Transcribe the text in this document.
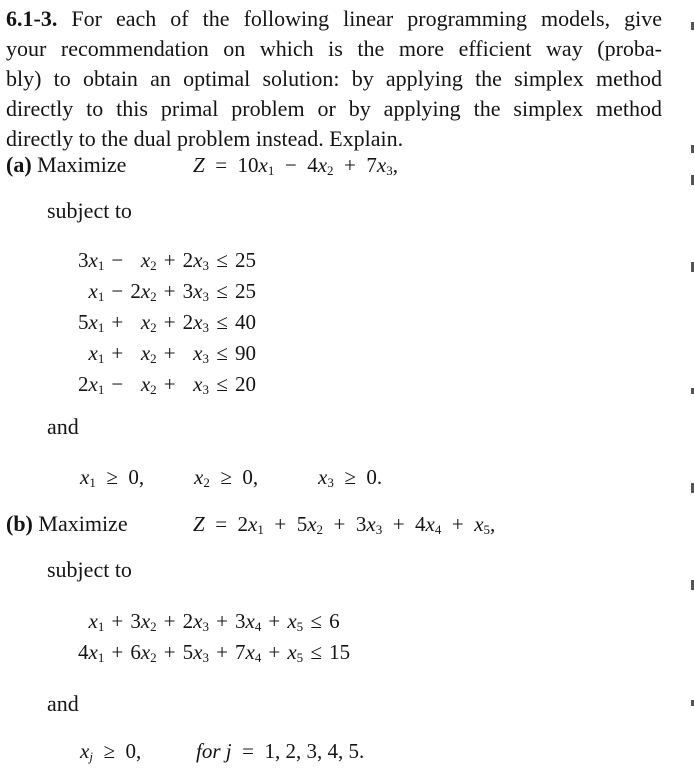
6.1-3. For each of the following linear programming models, give
your recommendation on which is the more efficient way (proba-
bly) to obtain an optimal solution: by applying the simplex method
directly to this primal problem or by applying the simplex method
directly to the dual problem instead. Explain.
(a) Maximize	Z = $10x_1$ − $4x_2$ + $7x_3$,
subject to
$3x_1$	−	$x_2$	+	$2x_3$	≤	25
$x_1$	−	$2x_2$	+	$3x_3$	≤	25
$5x_1$	+	$x_2$	+	$2x_3$	≤	40
$x_1$	+	$x_2$	+	$x_3$	≤	90
$2x_1$	−	$x_2$	+	$x_3$	≤	20
and
$x_1$ ≥ 0, $x_2$ ≥ 0,	$x_3$ ≥ 0.
(b) Maximize	Z = $2x_1$ + $5x_2$ + $3x_3$ + $4x_4$ + $x_5$,
subject to
$x_1$	+	$3x_2$	+	$2x_3$	+	$3x_4$	+	$x_5$	≤	6
$4x_1$	+	$6x_2$	+	$5x_3$	+	$7x_4$	+	$x_5$	≤	15
and
$x_j$ ≥ 0,	for j = 1, 2, 3, 4, 5.
